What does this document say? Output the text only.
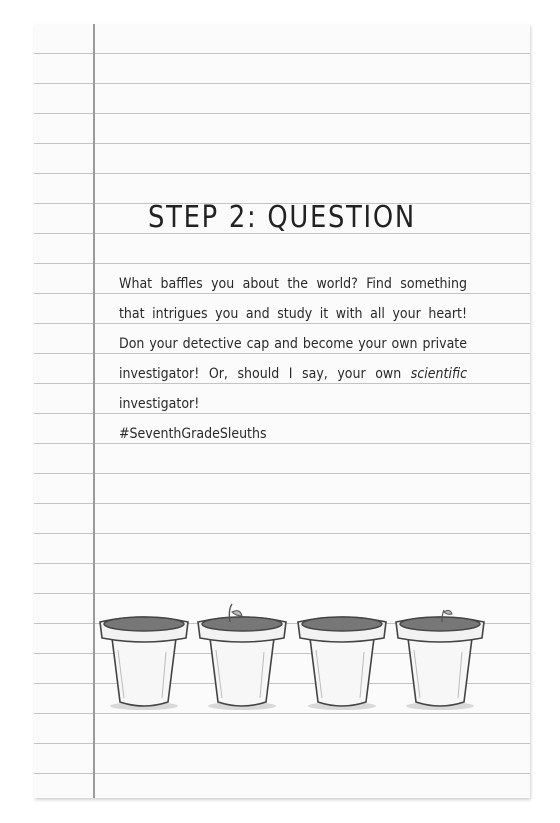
STEP 2: QUESTION

What baffles you about the world? Find something
that intrigues you and study it with all your heart!
Don your detective cap and become your own private
investigator! Or, should I say, your own scientific
investigator!
#SeventhGradeSleuths
